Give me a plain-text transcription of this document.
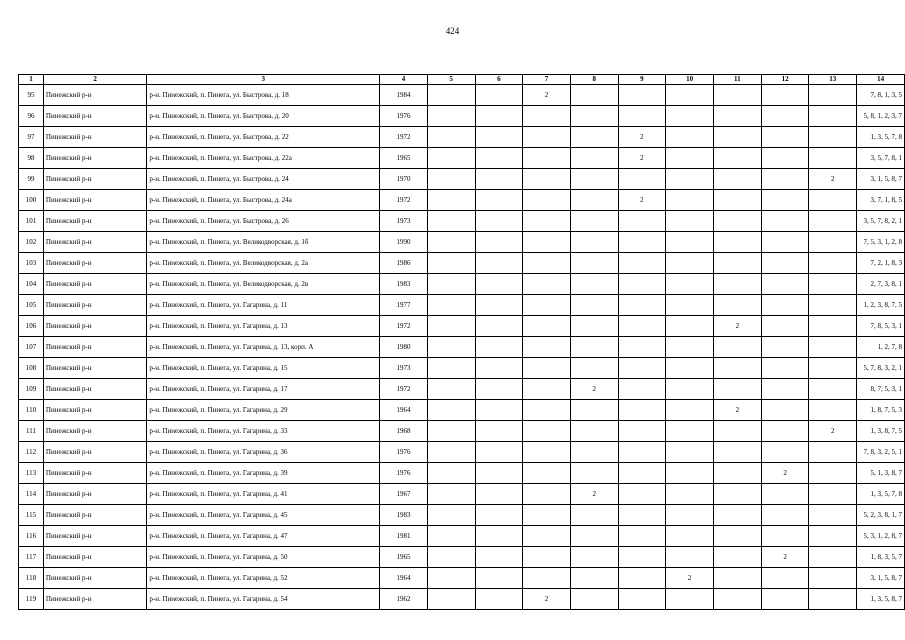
424
1	2	3	4	5	6	7	8	9	10	11	12	13	14
95	Пинежский р-н	р-н. Пинежский, п. Пинега, ул. Быстрова, д. 18	1984			2							7, 8, 1, 3, 5
96	Пинежский р-н	р-н. Пинежский, п. Пинега, ул. Быстрова, д. 20	1976										5, 8, 1, 2, 3, 7
97	Пинежский р-н	р-н. Пинежский, п. Пинега, ул. Быстрова, д. 22	1972					2					1, 3, 5, 7, 8
98	Пинежский р-н	р-н. Пинежский, п. Пинега, ул. Быстрова, д. 22а	1965					2					3, 5, 7, 8, 1
99	Пинежский р-н	р-н. Пинежский, п. Пинега, ул. Быстрова, д. 24	1970									2	3, 1, 5, 8, 7
100	Пинежский р-н	р-н. Пинежский, п. Пинега, ул. Быстрова, д. 24а	1972					2					3, 7, 1, 8, 5
101	Пинежский р-н	р-н. Пинежский, п. Пинега, ул. Быстрова, д. 26	1973										3, 5, 7, 8, 2, 1
102	Пинежский р-н	р-н. Пинежский, п. Пинега, ул. Великодворская, д. 1б	1990										7, 5, 3, 1, 2, 8
103	Пинежский р-н	р-н. Пинежский, п. Пинега, ул. Великодворская, д. 2а	1986										7, 2, 1, 8, 3
104	Пинежский р-н	р-н. Пинежский, п. Пинега, ул. Великодворская, д. 2в	1983										2, 7, 3, 8, 1
105	Пинежский р-н	р-н. Пинежский, п. Пинега, ул. Гагарина, д. 11	1977										1, 2, 3, 8, 7, 5
106	Пинежский р-н	р-н. Пинежский, п. Пинега, ул. Гагарина, д. 13	1972							2			7, 8, 5, 3, 1
107	Пинежский р-н	р-н. Пинежский, п. Пинега, ул. Гагарина, д. 13, корп. А	1980										1, 2, 7, 8
108	Пинежский р-н	р-н. Пинежский, п. Пинега, ул. Гагарина, д. 15	1973										5, 7, 8, 3, 2, 1
109	Пинежский р-н	р-н. Пинежский, п. Пинега, ул. Гагарина, д. 17	1972				2						8, 7, 5, 3, 1
110	Пинежский р-н	р-н. Пинежский, п. Пинега, ул. Гагарина, д. 29	1964							2			1, 8, 7, 5, 3
111	Пинежский р-н	р-н. Пинежский, п. Пинега, ул. Гагарина, д. 33	1968									2	1, 3, 8, 7, 5
112	Пинежский р-н	р-н. Пинежский, п. Пинега, ул. Гагарина, д. 36	1976										7, 8, 3, 2, 5, 1
113	Пинежский р-н	р-н. Пинежский, п. Пинега, ул. Гагарина, д. 39	1976								2		5, 1, 3, 8, 7
114	Пинежский р-н	р-н. Пинежский, п. Пинега, ул. Гагарина, д. 41	1967				2						1, 3, 5, 7, 8
115	Пинежский р-н	р-н. Пинежский, п. Пинега, ул. Гагарина, д. 45	1983										5, 2, 3, 8, 1, 7
116	Пинежский р-н	р-н. Пинежский, п. Пинега, ул. Гагарина, д. 47	1981										5, 3, 1, 2, 8, 7
117	Пинежский р-н	р-н. Пинежский, п. Пинега, ул. Гагарина, д. 50	1965								2		1, 8, 3, 5, 7
118	Пинежский р-н	р-н. Пинежский, п. Пинега, ул. Гагарина, д. 52	1964						2				3, 1, 5, 8, 7
119	Пинежский р-н	р-н. Пинежский, п. Пинега, ул. Гагарина, д. 54	1962			2							1, 3, 5, 8, 7
